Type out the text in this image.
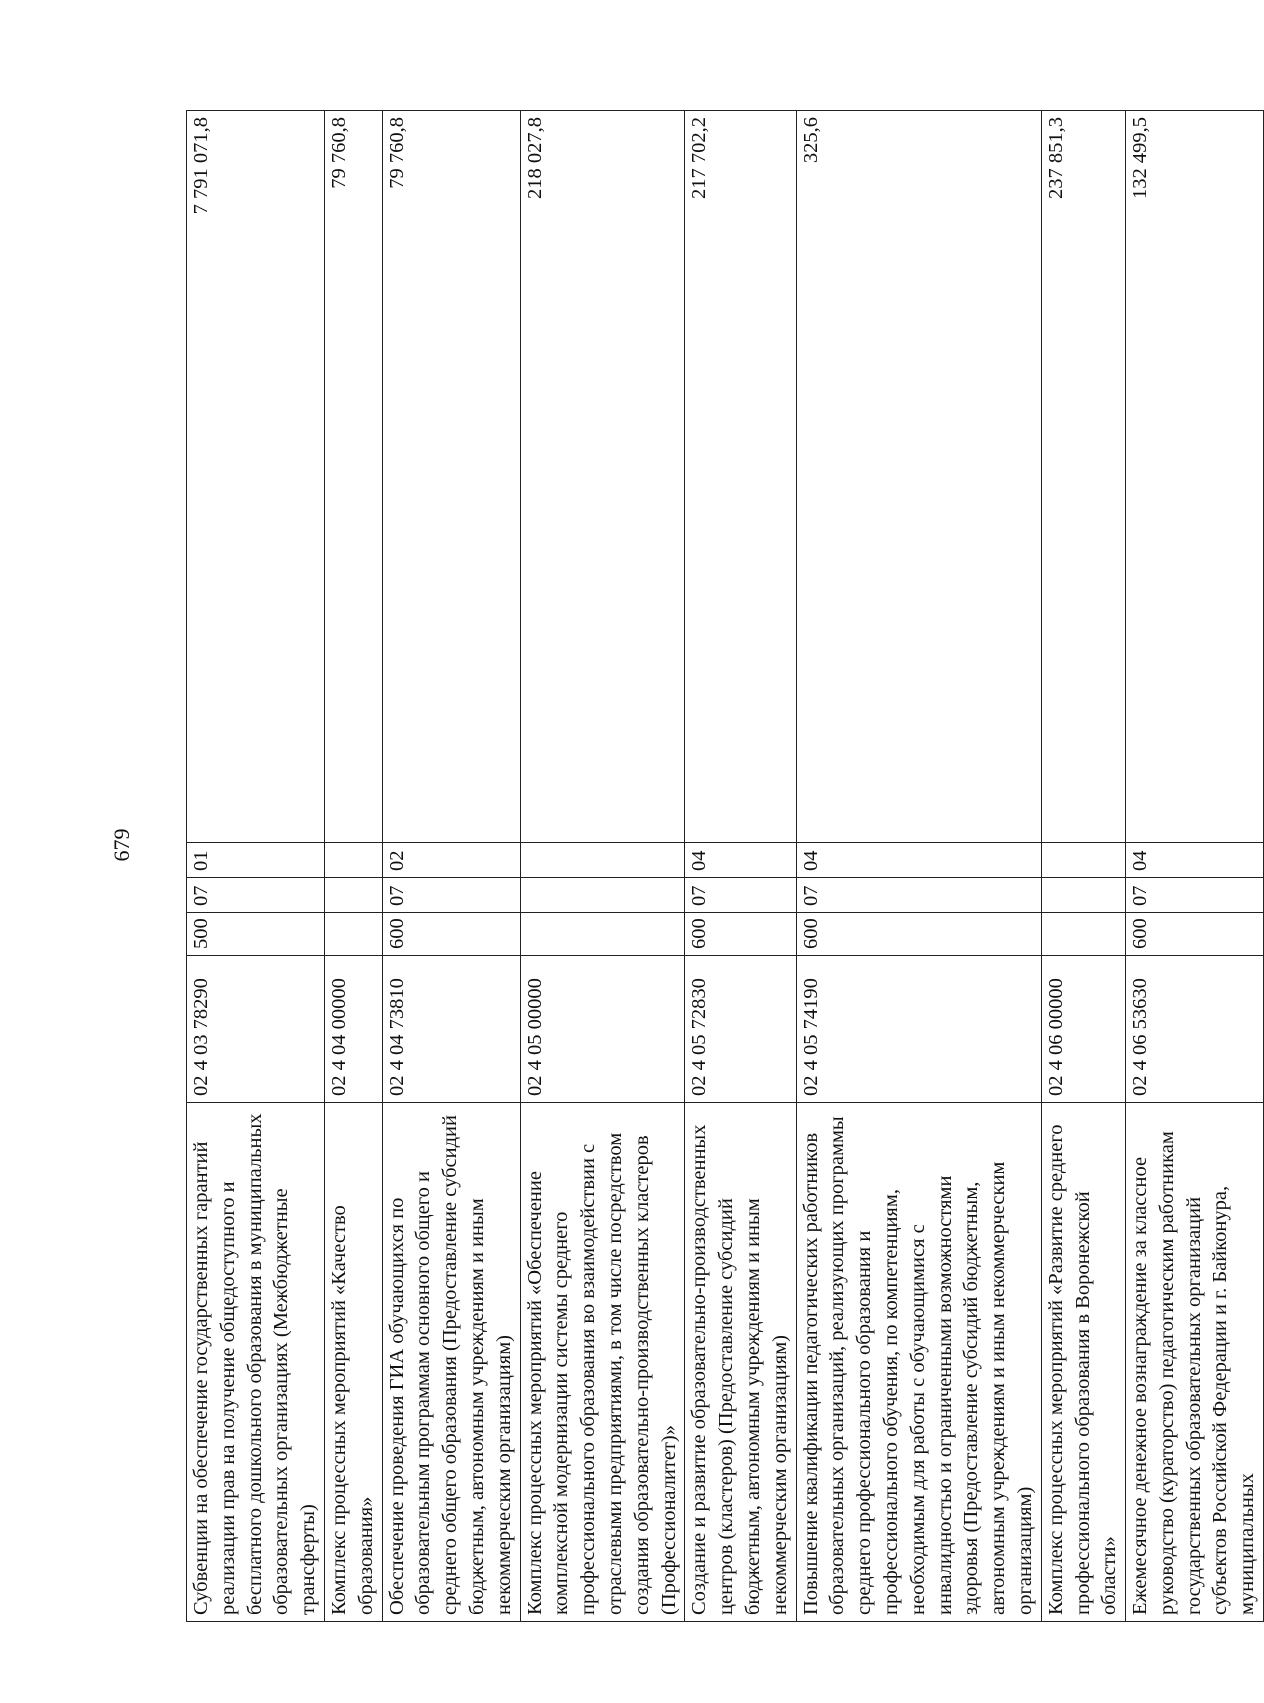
679
Субвенции на обеспечение государственных гарантий реализации прав на получение общедоступного и бесплатного дошкольного образования в муниципальных образовательных организациях (Межбюджетные трансферты)	02 4 03 78290	500	07	01	7 791 071,8
Комплекс процессных мероприятий «Качество образования»	02 4 04 00000				79 760,8
Обеспечение проведения ГИА обучающихся по образовательным программам основного общего и среднего общего образования (Предоставление субсидий бюджетным, автономным учреждениям и иным некоммерческим организациям)	02 4 04 73810	600	07	02	79 760,8
Комплекс процессных мероприятий «Обеспечение комплексной модернизации системы среднего профессионального образования во взаимодействии с отраслевыми предприятиями, в том числе посредством создания образовательно-производственных кластеров (Профессионалитет)»	02 4 05 00000				218 027,8
Создание и развитие образовательно-производственных центров (кластеров) (Предоставление субсидий бюджетным, автономным учреждениям и иным некоммерческим организациям)	02 4 05 72830	600	07	04	217 702,2
Повышение квалификации педагогических работников образовательных организаций, реализующих программы среднего профессионального образования и профессионального обучения, по компетенциям, необходимым для работы с обучающимися с инвалидностью и ограниченными возможностями здоровья (Предоставление субсидий бюджетным, автономным учреждениям и иным некоммерческим организациям)	02 4 05 74190	600	07	04	325,6
Комплекс процессных мероприятий «Развитие среднего профессионального образования в Воронежской области»	02 4 06 00000				237 851,3
Ежемесячное денежное вознаграждение за классное руководство (кураторство) педагогическим работникам государственных образовательных организаций субъектов Российской Федерации и г. Байконура, муниципальных	02 4 06 53630	600	07	04	132 499,5
